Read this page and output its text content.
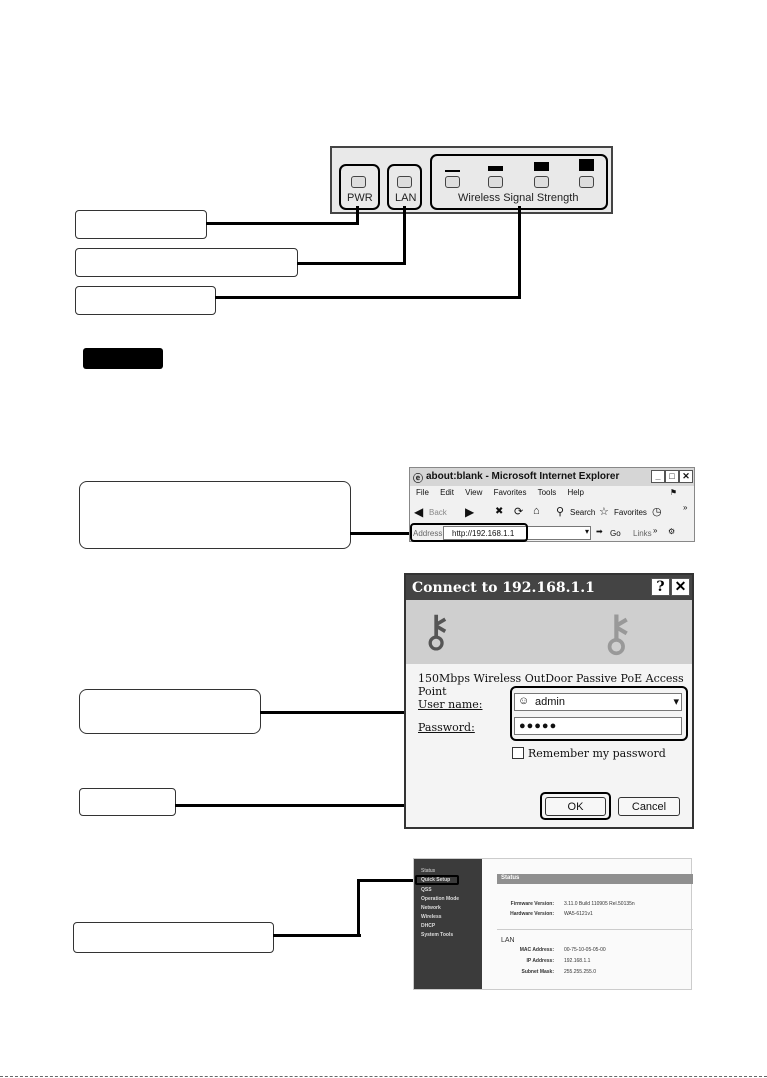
PWR LAN	Wireless Signal Strength
ⓔ about:blank - Microsoft Internet Explorer	_ □ ✕
File Edit View Favorites Tools Help	⚑
◀ Back ▶ ✖ ⟳ ⌂ ⚲ Search ☆ Favorites ◷	»
Address http://192.168.1.1	▾ ➡ Go Links » ⚙
Connect to 192.168.1.1	? ✕
⚷	⚷
150Mbps Wireless OutDoor Passive PoE Access Point
User name:	☺ admin	▾
Password:	●●●●●
Remember my password
OK	Cancel
Status
Quick Setup
QSS
Operation Mode
Network
Wireless
DHCP
System Tools
Status
Firmware Version: 3.11.0 Build 110905 Rel.50135n
Hardware Version: WA5-6121v1
LAN
MAC Address: 00-75-10-05-05-00
IP Address: 192.168.1.1
Subnet Mask: 255.255.255.0
